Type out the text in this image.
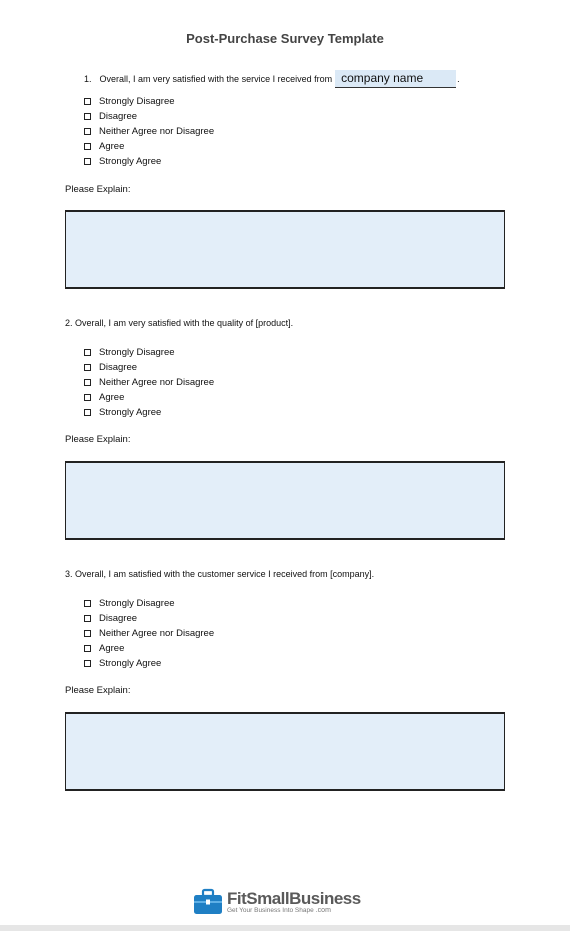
Post-Purchase Survey Template
1. Overall, I am very satisfied with the service I received from company name	.
Strongly Disagree
Disagree
Neither Agree nor Disagree
Agree
Strongly Agree
Please Explain:
2. Overall, I am very satisfied with the quality of [product].
Strongly Disagree
Disagree
Neither Agree nor Disagree
Agree
Strongly Agree
Please Explain:
3. Overall, I am satisfied with the customer service I received from [company].
Strongly Disagree
Disagree
Neither Agree nor Disagree
Agree
Strongly Agree
Please Explain:
FitSmallBusiness
Get Your Business Into Shape .com
